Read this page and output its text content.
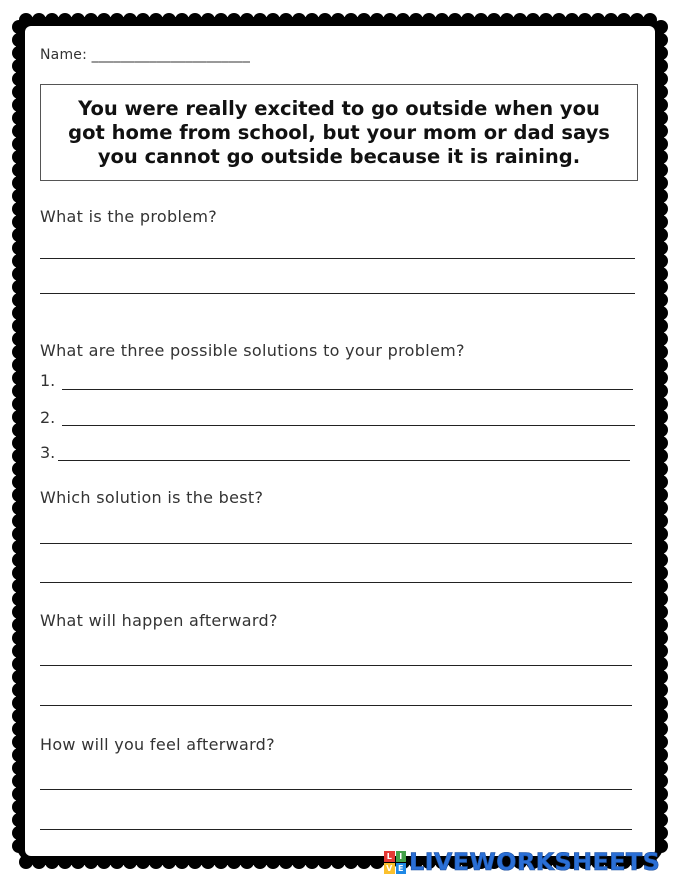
Name: ______________________
You were really excited to go outside when you got home from school, but your mom or dad says you cannot go outside because it is raining.
What is the problem?
What are three possible solutions to your problem?
1.
2.
3.
Which solution is the best?
What will happen afterward?
How will you feel afterward?
L I
V E LIVEWORKSHEETS
